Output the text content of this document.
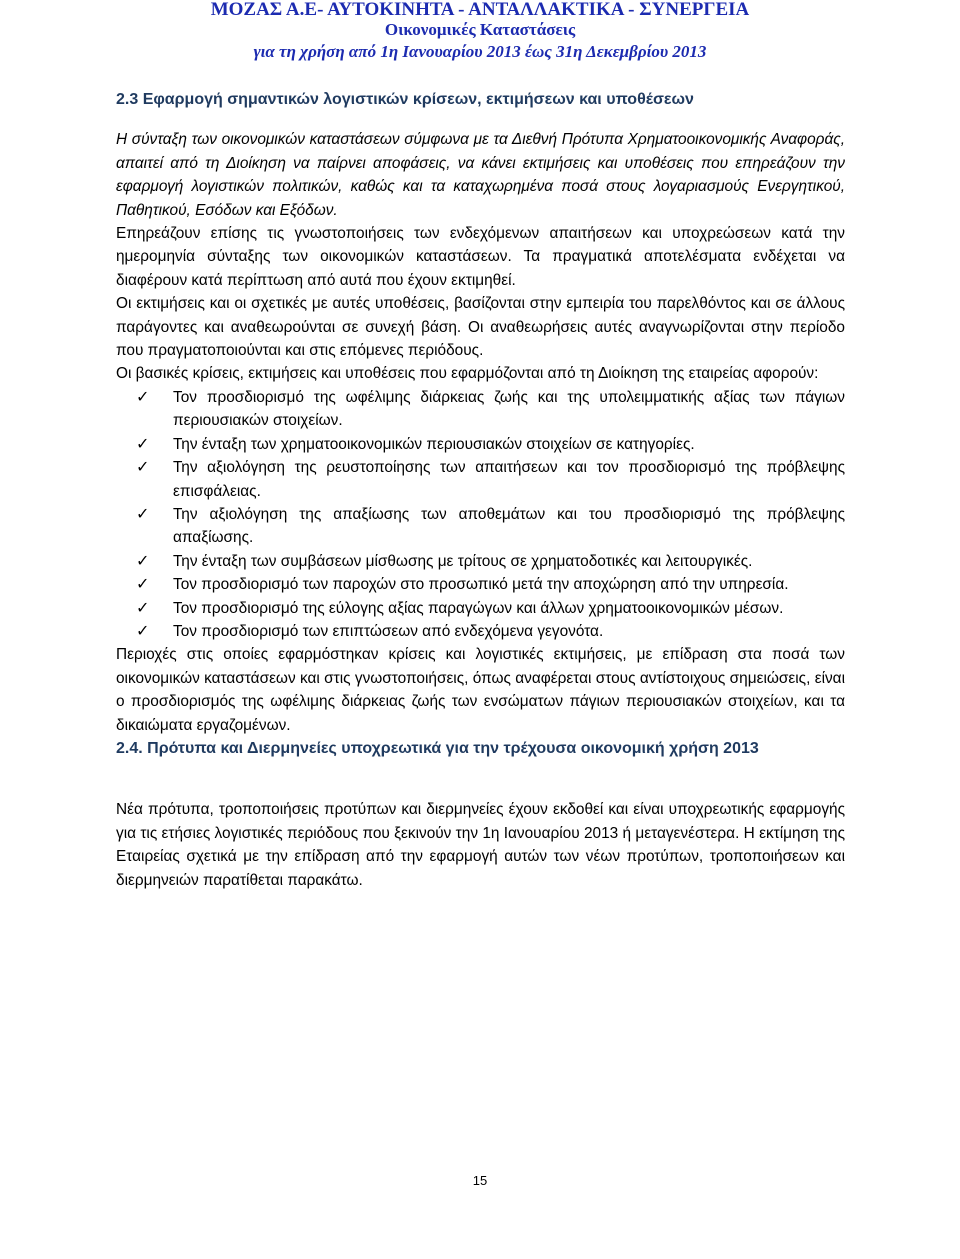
ΜΟΖΑΣ Α.Ε- ΑΥΤΟΚΙΝΗΤΑ - ΑΝΤΑΛΛΑΚΤΙΚΑ - ΣΥΝΕΡΓΕΙΑ
Οικονομικές Καταστάσεις
για τη χρήση από 1η Ιανουαρίου 2013 έως 31η Δεκεμβρίου 2013

2.3 Εφαρμογή σημαντικών λογιστικών κρίσεων, εκτιμήσεων και υποθέσεων

Η σύνταξη των οικονομικών καταστάσεων σύμφωνα με τα Διεθνή Πρότυπα Χρηματοοικονομικής Αναφοράς, απαιτεί από τη Διοίκηση να παίρνει αποφάσεις, να κάνει εκτιμήσεις και υποθέσεις που επηρεάζουν την εφαρμογή λογιστικών πολιτικών, καθώς και τα καταχωρημένα ποσά στους λογαριασμούς Ενεργητικού, Παθητικού, Εσόδων και Εξόδων.

Επηρεάζουν επίσης τις γνωστοποιήσεις των ενδεχόμενων απαιτήσεων και υποχρεώσεων κατά την ημερομηνία σύνταξης των οικονομικών καταστάσεων. Τα πραγματικά αποτελέσματα ενδέχεται να διαφέρουν κατά περίπτωση από αυτά που έχουν εκτιμηθεί.

Οι εκτιμήσεις και οι σχετικές με αυτές υποθέσεις, βασίζονται στην εμπειρία του παρελθόντος και σε άλλους παράγοντες και αναθεωρούνται σε συνεχή βάση. Οι αναθεωρήσεις αυτές αναγνωρίζονται στην περίοδο που πραγματοποιούνται και στις επόμενες περιόδους.

Οι βασικές κρίσεις, εκτιμήσεις και υποθέσεις που εφαρμόζονται από τη Διοίκηση της εταιρείας αφορούν:

✓ Τον προσδιορισμό της ωφέλιμης διάρκειας ζωής και της υπολειμματικής αξίας των πάγιων περιουσιακών στοιχείων.
✓ Την ένταξη των χρηματοοικονομικών περιουσιακών στοιχείων σε κατηγορίες.
✓ Την αξιολόγηση της ρευστοποίησης των απαιτήσεων και τον προσδιορισμό της πρόβλεψης επισφάλειας.
✓ Την αξιολόγηση της απαξίωσης των αποθεμάτων και του προσδιορισμό της πρόβλεψης απαξίωσης.
✓ Την ένταξη των συμβάσεων μίσθωσης με τρίτους σε χρηματοδοτικές και λειτουργικές.
✓ Τον προσδιορισμό των παροχών στο προσωπικό μετά την αποχώρηση από την υπηρεσία.
✓ Τον προσδιορισμό της εύλογης αξίας παραγώγων και άλλων χρηματοοικονομικών μέσων.
✓ Τον προσδιορισμό των επιπτώσεων από ενδεχόμενα γεγονότα.

Περιοχές στις οποίες εφαρμόστηκαν κρίσεις και λογιστικές εκτιμήσεις, με επίδραση στα ποσά των οικονομικών καταστάσεων και στις γνωστοποιήσεις, όπως αναφέρεται στους αντίστοιχους σημειώσεις, είναι ο προσδιορισμός της ωφέλιμης διάρκειας ζωής των ενσώματων πάγιων περιουσιακών στοιχείων, και τα δικαιώματα εργαζομένων.

2.4. Πρότυπα και Διερμηνείες υποχρεωτικά για την τρέχουσα οικονομική χρήση 2013

Νέα πρότυπα, τροποποιήσεις προτύπων και διερμηνείες έχουν εκδοθεί και είναι υποχρεωτικής εφαρμογής για τις ετήσιες λογιστικές περιόδους που ξεκινούν την 1η Ιανουαρίου 2013 ή μεταγενέστερα. Η εκτίμηση της Εταιρείας σχετικά με την επίδραση από την εφαρμογή αυτών των νέων προτύπων, τροποποιήσεων και διερμηνειών παρατίθεται παρακάτω.

15
